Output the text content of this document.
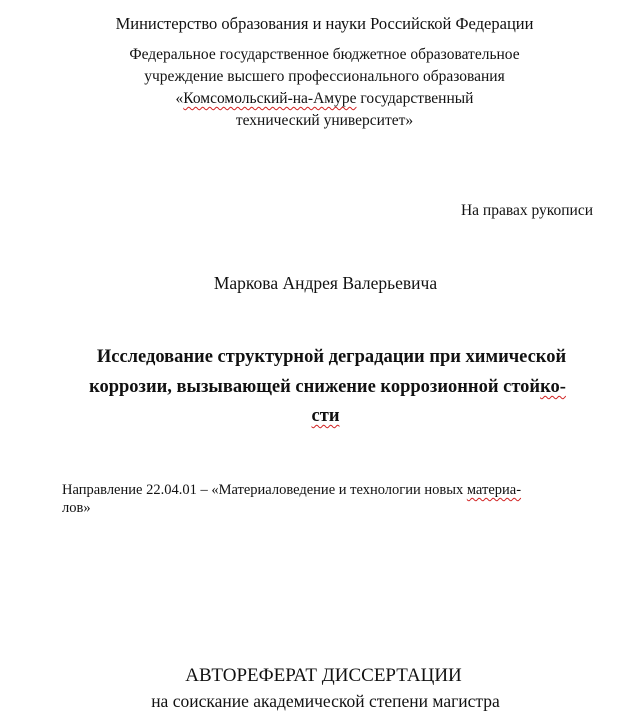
Министерство образования и науки Российской Федерации
Федеральное государственное бюджетное образовательное
учреждение высшего профессионального образования
«Комсомольский-на-Амуре государственный
технический университет»
На правах рукописи
Маркова Андрея Валерьевича
Исследование структурной деградации при химической
коррозии, вызывающей снижение коррозионной стойко-
сти
Направление 22.04.01 – «Материаловедение и технологии новых материа-
лов»
АВТОРЕФЕРАТ ДИССЕРТАЦИИ
на соискание академической степени магистра
